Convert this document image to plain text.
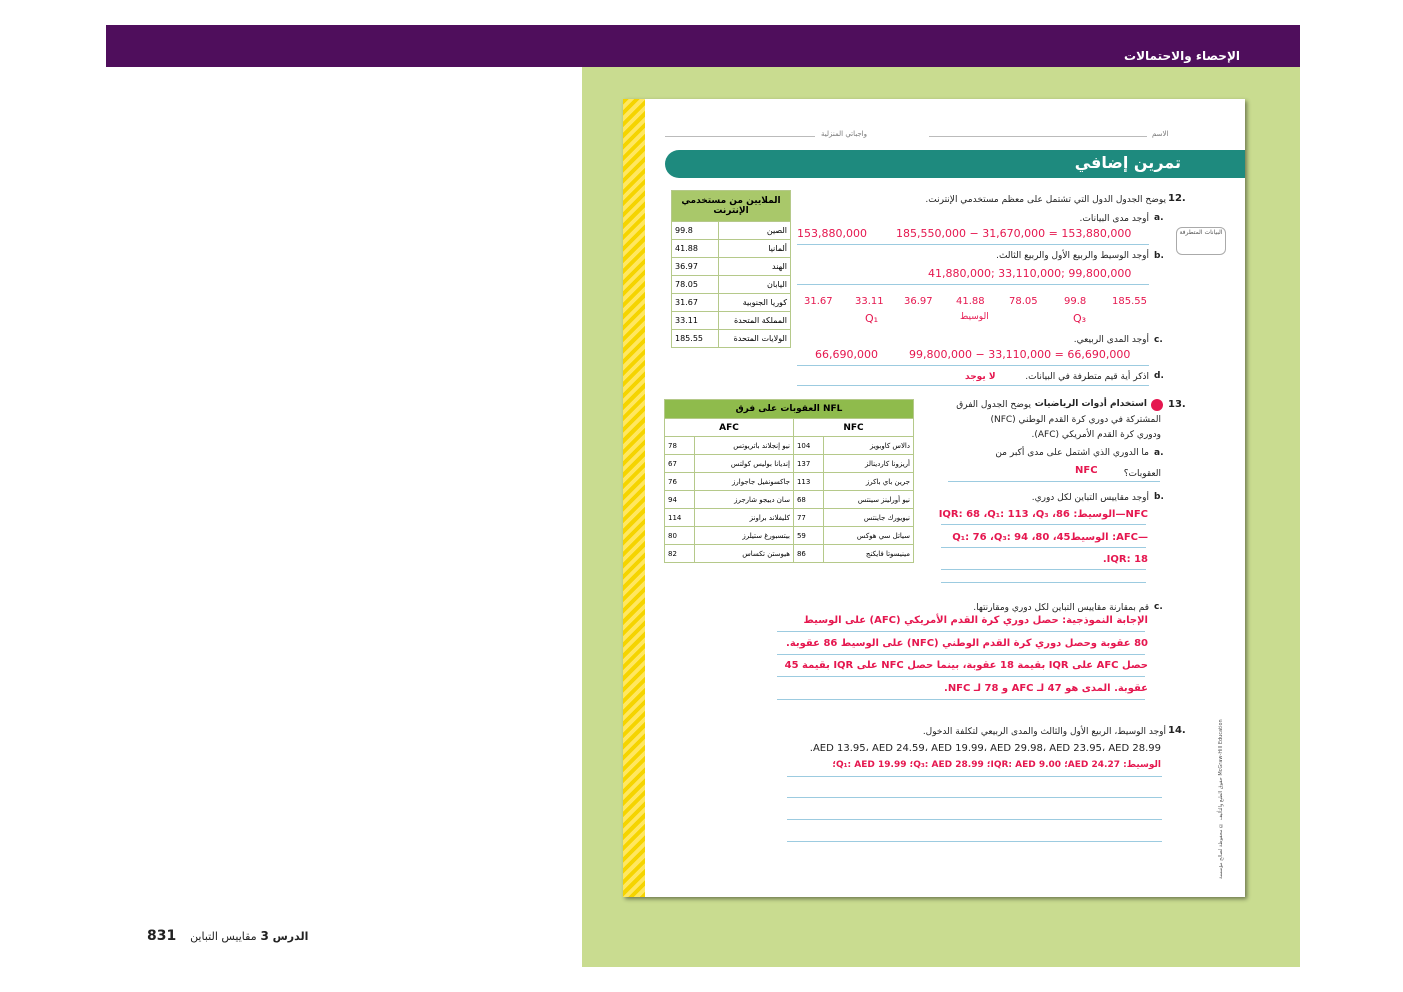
الإحصاء والاحتمالات
الاسم
واجباتي المنزلية
تمرين إضافي
الملايين من مستخدمي الإنترنت	
99.8	الصين
41.88	ألمانيا
36.97	الهند
78.05	اليابان
31.67	كوريا الجنوبية
33.11	المملكة المتحدة
185.55	الولايات المتحدة
12.
يوضح الجدول الدول التي تشتمل على معظم مستخدمي الإنترنت.
a.
أوجد مدى البيانات.
153,880,000	185,550,000 − 31,670,000 = 153,880,000	البيانات المتطرفة
b.
أوجد الوسيط والربيع الأول والربيع الثالث.
41,880,000; 33,110,000; 99,800,000
31.67 33.11 36.97 41.88 78.05	99.8	185.55
Q₁	الوسيط	Q₃
c.
أوجد المدى الربيعي.
66,690,000	99,800,000 − 33,110,000 = 66,690,000
d.
اذكر أية قيم متطرفة في البيانات.
لا يوجد
العقوبات على فرق NFL			
AFC		NFC	
78	نيو إنجلاند باتريوتس	104	دالاس كاوبويز
67	إنديانا بوليس كولتس	137	أريزونا كاردينالز
76	جاكسونفيل جاجوارز	113	جرين باي باكرز
94	سان دييجو شارجرز	68	نيو أورلينز سينتس
114	كليفلاند براونز	77	نيويورك جاينتس
80	بيتسبورغ ستيلرز	59	سياتل سي هوكس
82	هيوستن تكساس	86	مينيسوتا فايكنج
13.
استخدام أدوات الرياضيات
يوضح الجدول الفرق
المشتركة في دوري كرة القدم الوطني (NFC)
ودوري كرة القدم الأمريكي (AFC).
a.
ما الدوري الذي اشتمل على مدى أكبر من
العقوبات؟
NFC
b.
أوجد مقاييس التباين لكل دوري.
NFC—الوسيط: 86، IQR: 68 ،Q₁: 113 ،Q₃
—AFC: الوسيط45، 80، Q₁: 76 ،Q₃: 94
IQR: 18.
c.
قم بمقارنة مقاييس التباين لكل دوري ومقارنتها.
الإجابة النموذجية: حصل دوري كرة القدم الأمريكي (AFC) على الوسيط
80 عقوبة وحصل دوري كرة القدم الوطني (NFC) على الوسيط 86 عقوبة.
حصل AFC على IQR بقيمة 18 عقوبة، بينما حصل NFC على IQR بقيمة 45
عقوبة. المدى هو 47 لـ AFC و 78 لـ NFC.
14.
أوجد الوسيط، الربيع الأول والثالث والمدى الربيعي لتكلفة الدخول.
AED 13.95، AED 24.59، AED 19.99، AED 29.98، AED 23.95، AED 28.99.
الوسيط: AED 24.27؛ IQR: AED 9.00؛ Q₃: AED 28.99؛ Q₁: AED 19.99؛
حقوق الطبع والتأليف © محفوظة لصالح مؤسسة McGraw-Hill Education
الدرس 3 مقاييس التباين 831
